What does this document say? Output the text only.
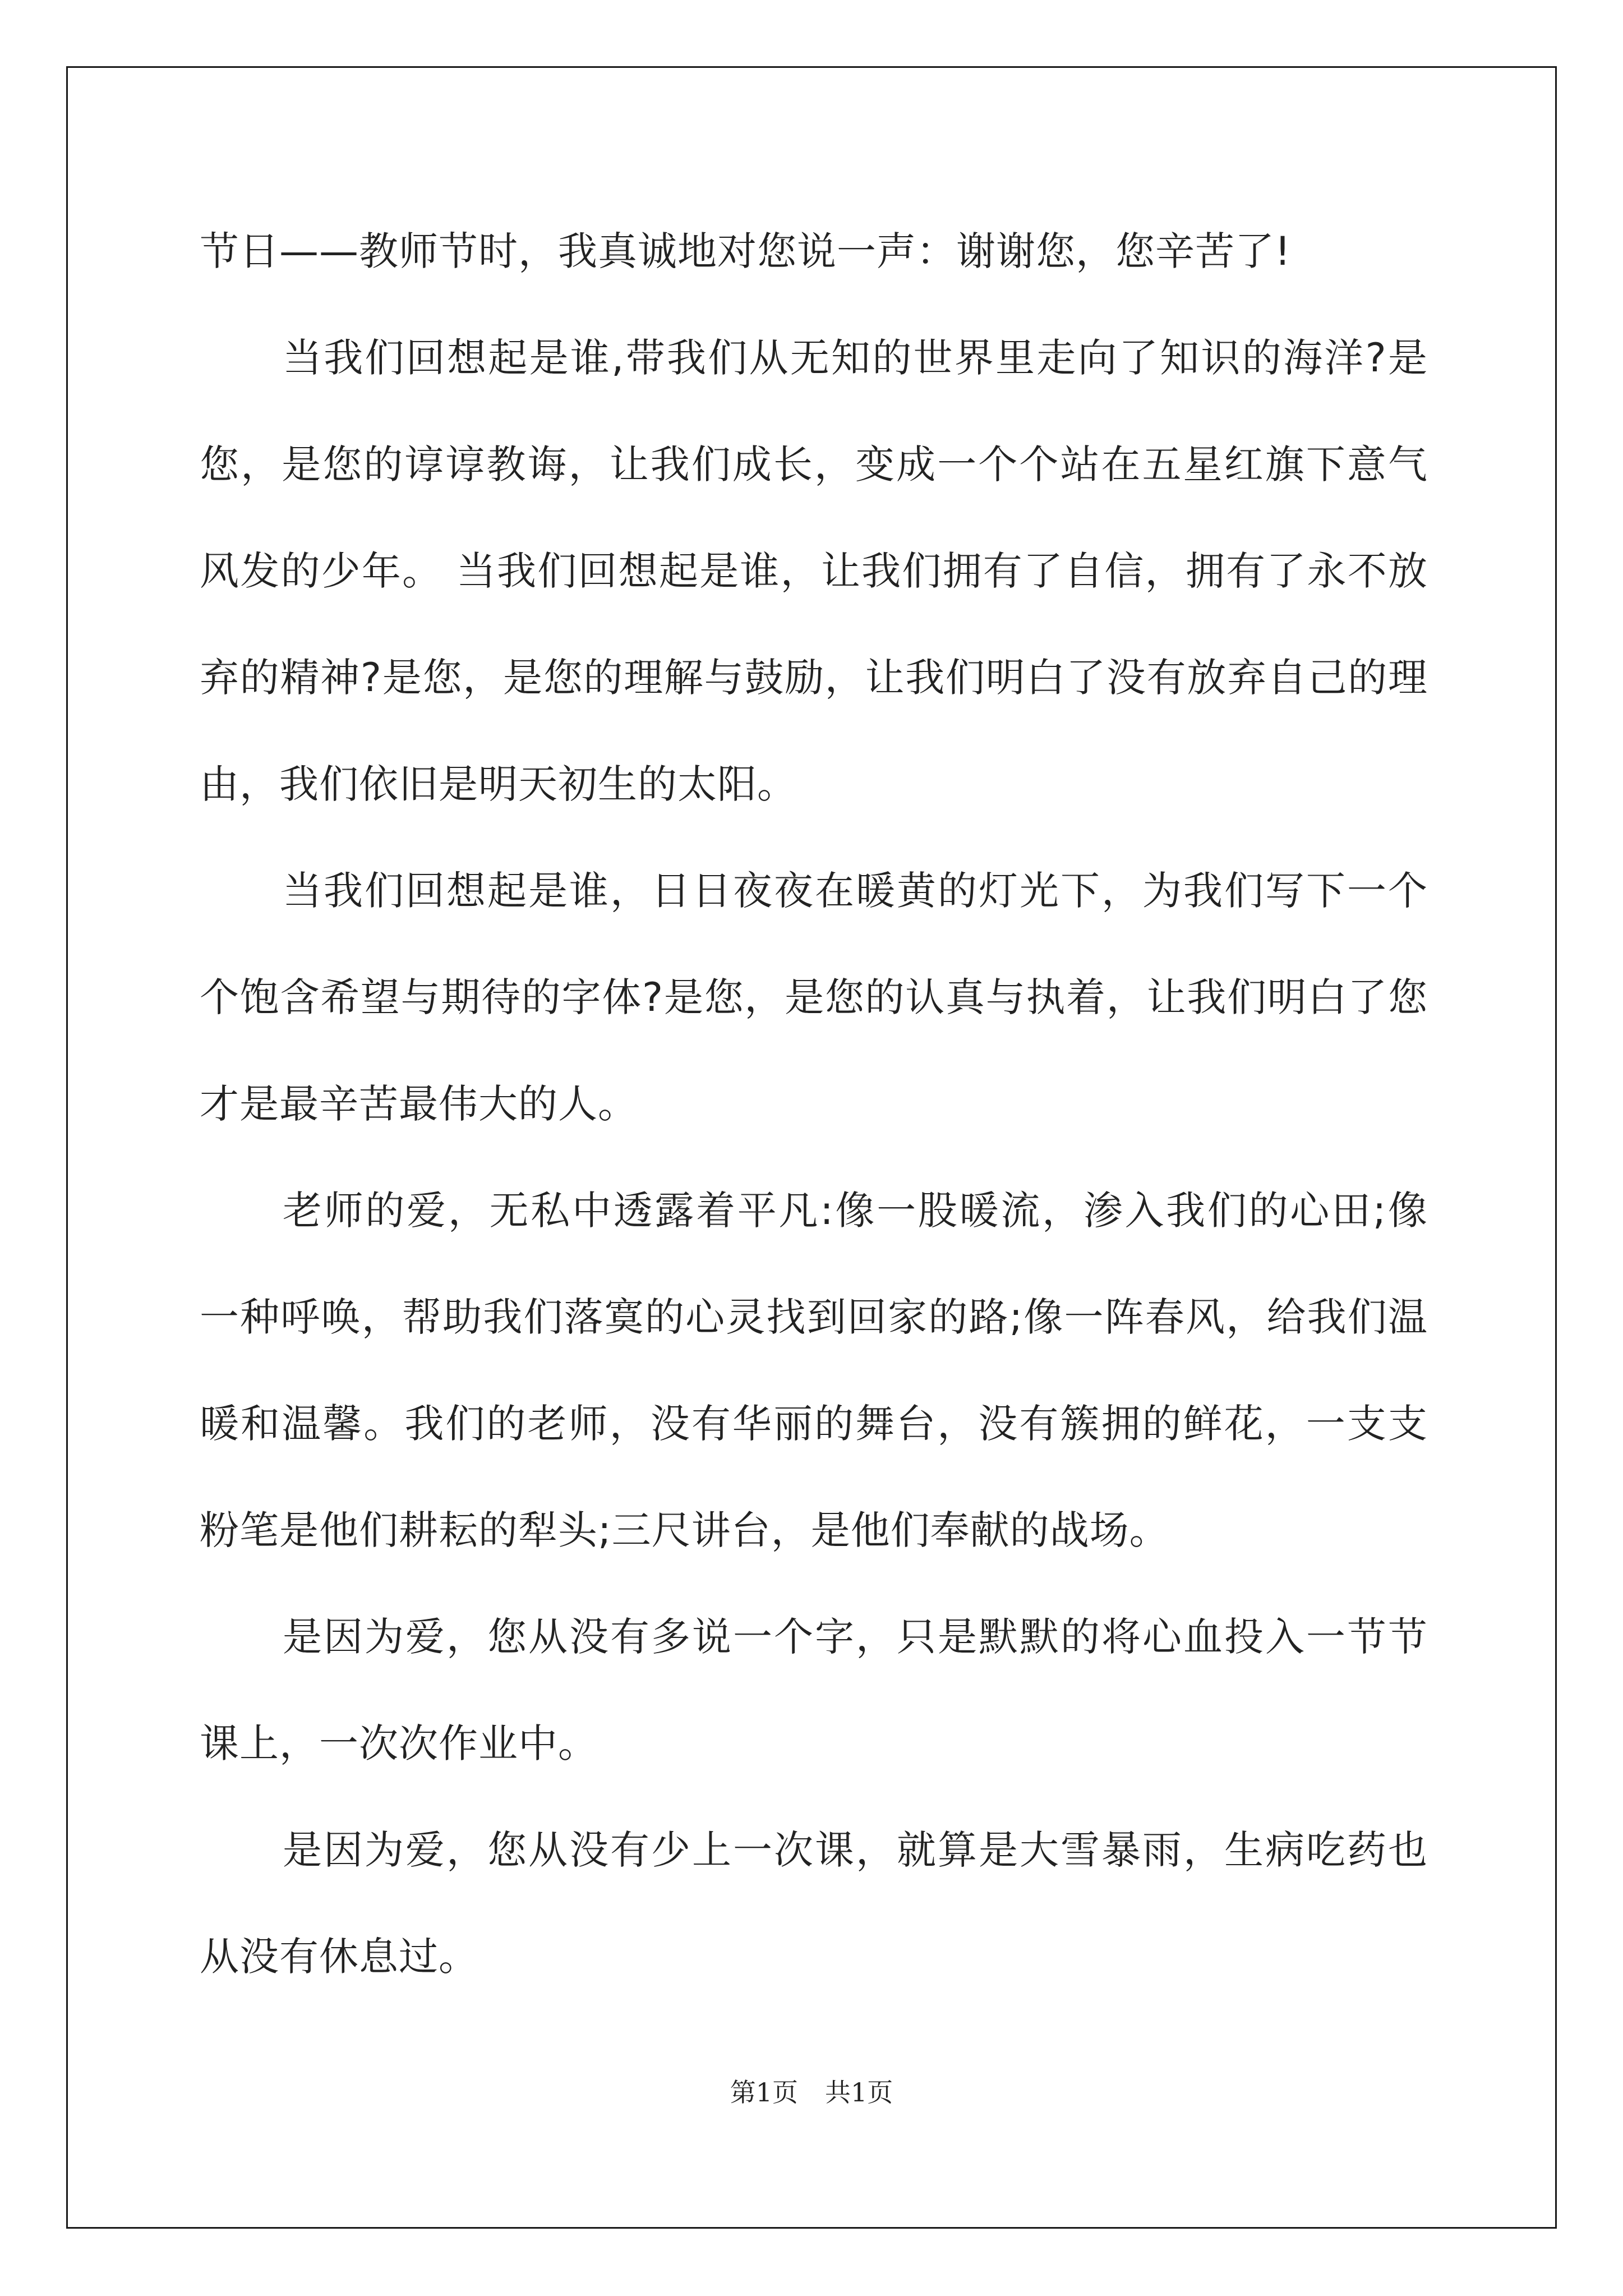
节日——教师节时，我真诚地对您说一声：谢谢您，您辛苦了!
当我们回想起是谁,带我们从无知的世界里走向了知识的海洋?是
您，是您的谆谆教诲，让我们成长，变成一个个站在五星红旗下意气
风发的少年。 当我们回想起是谁，让我们拥有了自信，拥有了永不放
弃的精神?是您，是您的理解与鼓励，让我们明白了没有放弃自己的理
由，我们依旧是明天初生的太阳。
当我们回想起是谁，日日夜夜在暖黄的灯光下，为我们写下一个
个饱含希望与期待的字体?是您，是您的认真与执着，让我们明白了您
才是最辛苦最伟大的人。
老师的爱，无私中透露着平凡:像一股暖流，渗入我们的心田;像
一种呼唤，帮助我们落寞的心灵找到回家的路;像一阵春风，给我们温
暖和温馨。我们的老师，没有华丽的舞台，没有簇拥的鲜花，一支支
粉笔是他们耕耘的犁头;三尺讲台，是他们奉献的战场。
是因为爱，您从没有多说一个字，只是默默的将心血投入一节节
课上，一次次作业中。
是因为爱，您从没有少上一次课，就算是大雪暴雨，生病吃药也
从没有休息过。
第1页 共1页
